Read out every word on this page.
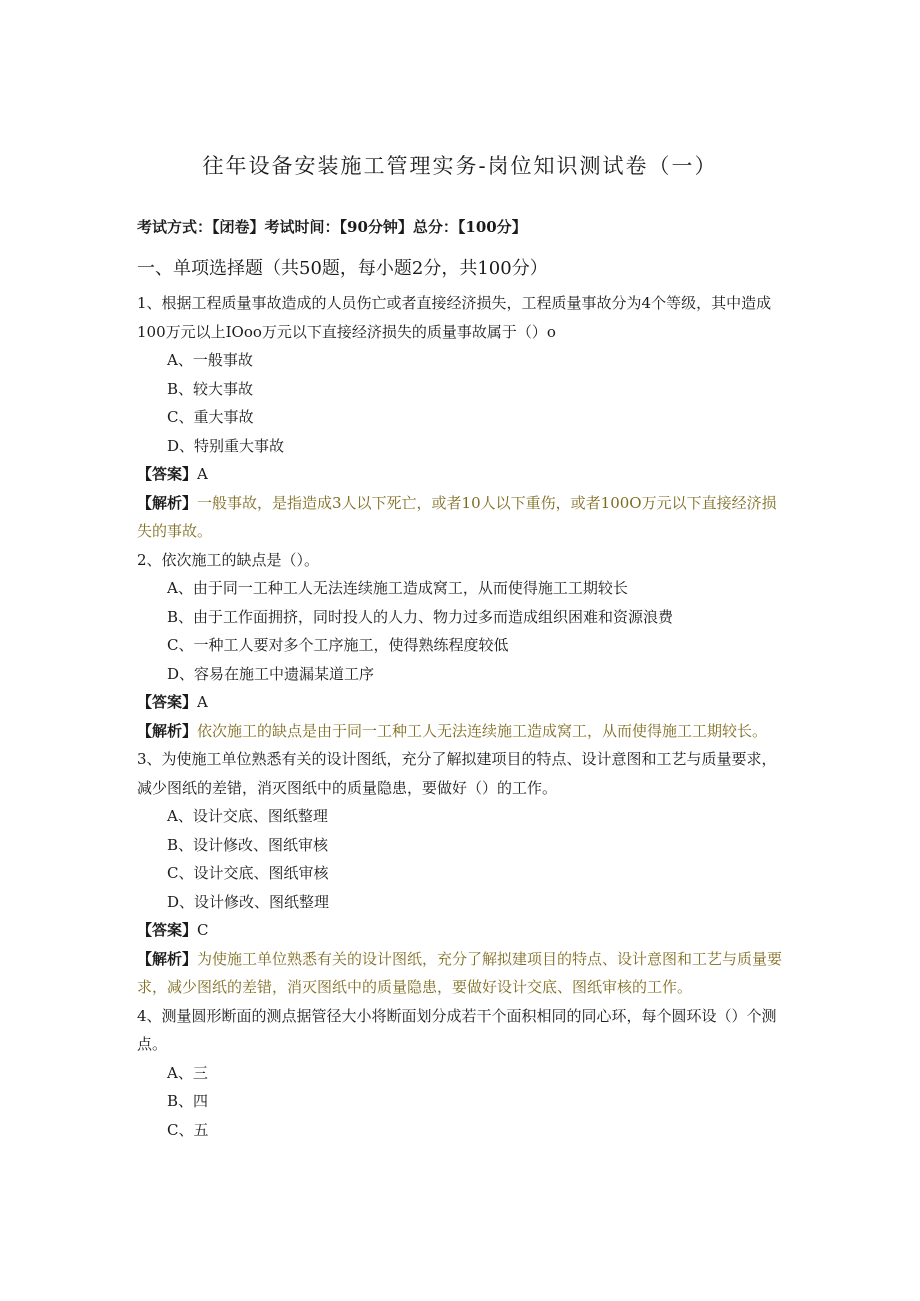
往年设备安装施工管理实务-岗位知识测试卷（一）
考试方式：【闭卷】考试时间：【90分钟】总分：【100分】
一、单项选择题（共50题，每小题2分，共100分）

1、根据工程质量事故造成的人员伤亡或者直接经济损失，工程质量事故分为4个等级，其中造成100万元以上IOoo万元以下直接经济损失的质量事故属于（）o

A、一般事故

B、较大事故

C、重大事故

D、特别重大事故

【答案】A

【解析】一般事故，是指造成3人以下死亡，或者10人以下重伤，或者100O万元以下直接经济损失的事故。

2、依次施工的缺点是（）。

A、由于同一工种工人无法连续施工造成窝工，从而使得施工工期较长

B、由于工作面拥挤，同时投人的人力、物力过多而造成组织困难和资源浪费

C、一种工人要对多个工序施工，使得熟练程度较低

D、容易在施工中遗漏某道工序

【答案】A

【解析】依次施工的缺点是由于同一工种工人无法连续施工造成窝工，从而使得施工工期较长。

3、为使施工单位熟悉有关的设计图纸，充分了解拟建项目的特点、设计意图和工艺与质量要求，减少图纸的差错，消灭图纸中的质量隐患，要做好（）的工作。

A、设计交底、图纸整理

B、设计修改、图纸审核

C、设计交底、图纸审核

D、设计修改、图纸整理

【答案】C

【解析】为使施工单位熟悉有关的设计图纸，充分了解拟建项目的特点、设计意图和工艺与质量要求，减少图纸的差错，消灭图纸中的质量隐患，要做好设计交底、图纸审核的工作。

4、测量圆形断面的测点据管径大小将断面划分成若干个面积相同的同心环，每个圆环设（）个测点。

A、三

B、四

C、五
